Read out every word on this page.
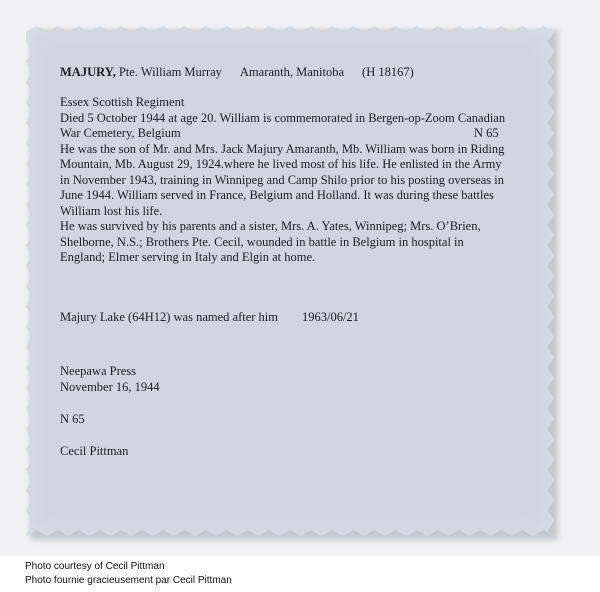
MAJURY, Pte. William Murray Amaranth, Manitoba (H 18167)
Essex Scottish Regiment
Died 5 October 1944 at age 20. William is commemorated in Bergen-op-Zoom Canadian
War Cemetery, Belgium	N 65
He was the son of Mr. and Mrs. Jack Majury Amaranth, Mb. William was born in Riding
Mountain, Mb. August 29, 1924.where he lived most of his life. He enlisted in the Army
in November 1943, training in Winnipeg and Camp Shilo prior to his posting overseas in
June 1944. William served in France, Belgium and Holland. It was during these battles
William lost his life.
He was survived by his parents and a sister, Mrs. A. Yates, Winnipeg; Mrs. O’Brien,
Shelborne, N.S.; Brothers Pte. Cecil, wounded in battle in Belgium in hospital in
England; Elmer serving in Italy and Elgin at home.
Majury Lake (64H12) was named after him 1963/06/21
Neepawa Press
November 16, 1944
N 65
Cecil Pittman
Photo courtesy of Cecil Pittman
Photo fournie gracieusement par Cecil Pittman
